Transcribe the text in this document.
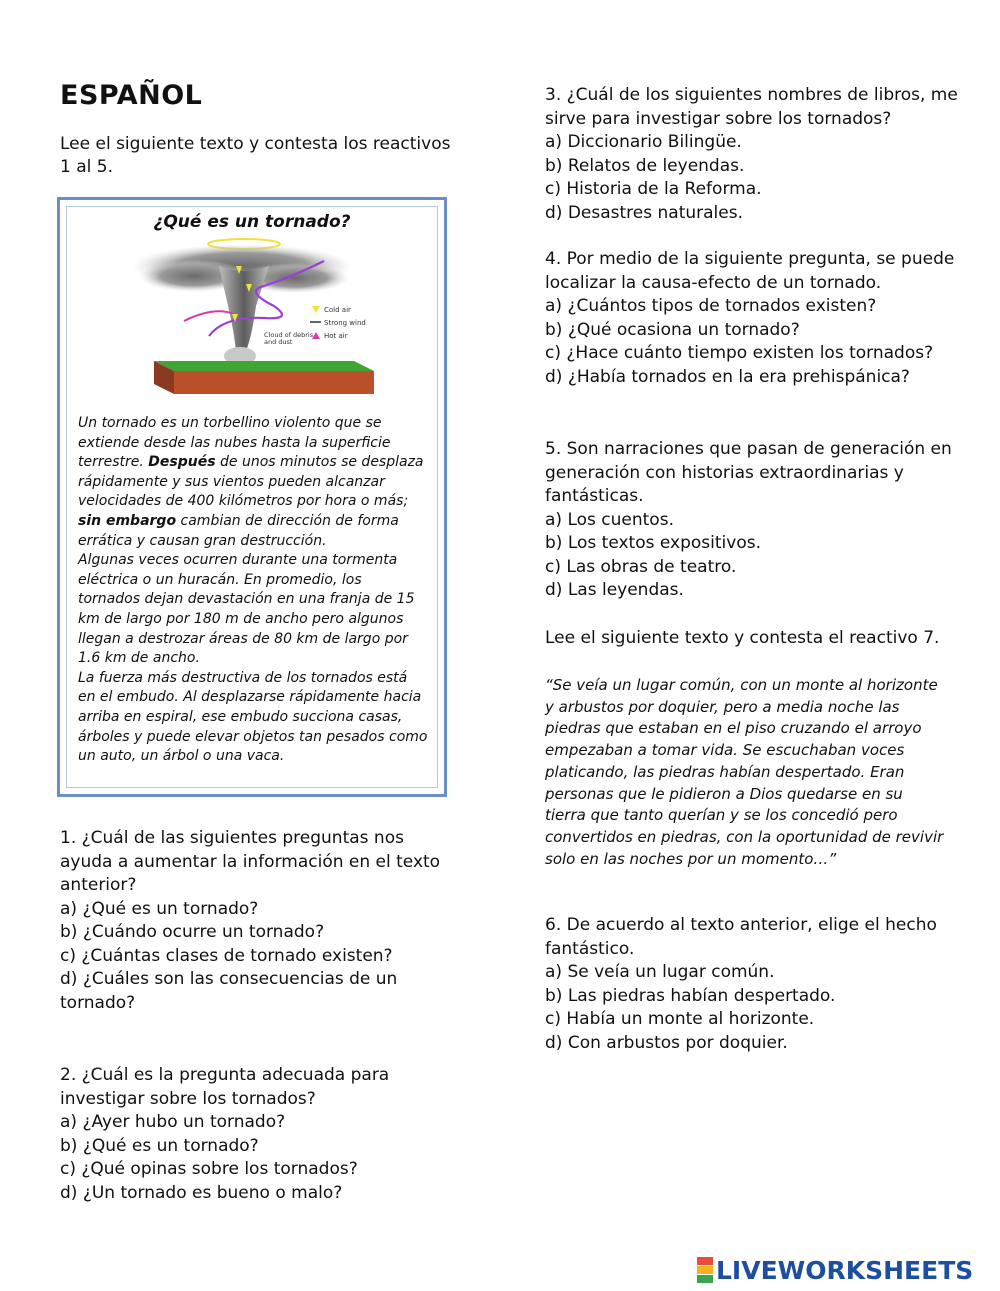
ESPAÑOL
Lee el siguiente texto y contesta los reactivos 1 al 5.
¿Qué es un tornado?
Cold air
Strong wind
Hot air
Cloud of debris and dust
Un tornado es un torbellino violento que se extiende desde las nubes hasta la superficie terrestre. Después de unos minutos se desplaza rápidamente y sus vientos pueden alcanzar velocidades de 400 kilómetros por hora o más; sin embargo cambian de dirección de forma errática y causan gran destrucción.
Algunas veces ocurren durante una tormenta eléctrica o un huracán. En promedio, los tornados dejan devastación en una franja de 15 km de largo por 180 m de ancho pero algunos llegan a destrozar áreas de 80 km de largo por 1.6 km de ancho.
La fuerza más destructiva de los tornados está en el embudo. Al desplazarse rápidamente hacia arriba en espiral, ese embudo succiona casas, árboles y puede elevar objetos tan pesados como un auto, un árbol o una vaca.

1. ¿Cuál de las siguientes preguntas nos ayuda a aumentar la información en el texto anterior?

a) ¿Qué es un tornado?

b) ¿Cuándo ocurre un tornado?

c) ¿Cuántas clases de tornado existen?

d) ¿Cuáles son las consecuencias de un tornado?

2. ¿Cuál es la pregunta adecuada para investigar sobre los tornados?

a) ¿Ayer hubo un tornado?

b) ¿Qué es un tornado?

c) ¿Qué opinas sobre los tornados?

d) ¿Un tornado es bueno o malo?

3. ¿Cuál de los siguientes nombres de libros, me sirve para investigar sobre los tornados?

a) Diccionario Bilingüe.

b) Relatos de leyendas.

c) Historia de la Reforma.

d) Desastres naturales.

4. Por medio de la siguiente pregunta, se puede localizar la causa-efecto de un tornado.

a) ¿Cuántos tipos de tornados existen?

b) ¿Qué ocasiona un tornado?

c) ¿Hace cuánto tiempo existen los tornados?

d) ¿Había tornados en la era prehispánica?

5. Son narraciones que pasan de generación en generación con historias extraordinarias y fantásticas.

a) Los cuentos.

b) Los textos expositivos.

c) Las obras de teatro.

d) Las leyendas.

Lee el siguiente texto y contesta el reactivo 7.
“Se veía un lugar común, con un monte al horizonte y arbustos por doquier, pero a media noche las piedras que estaban en el piso cruzando el arroyo empezaban a tomar vida. Se escuchaban voces platicando, las piedras habían despertado. Eran personas que le pidieron a Dios quedarse en su tierra que tanto querían y se los concedió pero convertidos en piedras, con la oportunidad de revivir solo en las noches por un momento…”

6. De acuerdo al texto anterior, elige el hecho fantástico.

a) Se veía un lugar común.

b) Las piedras habían despertado.

c) Había un monte al horizonte.

d) Con arbustos por doquier.

LIVEWORKSHEETS
